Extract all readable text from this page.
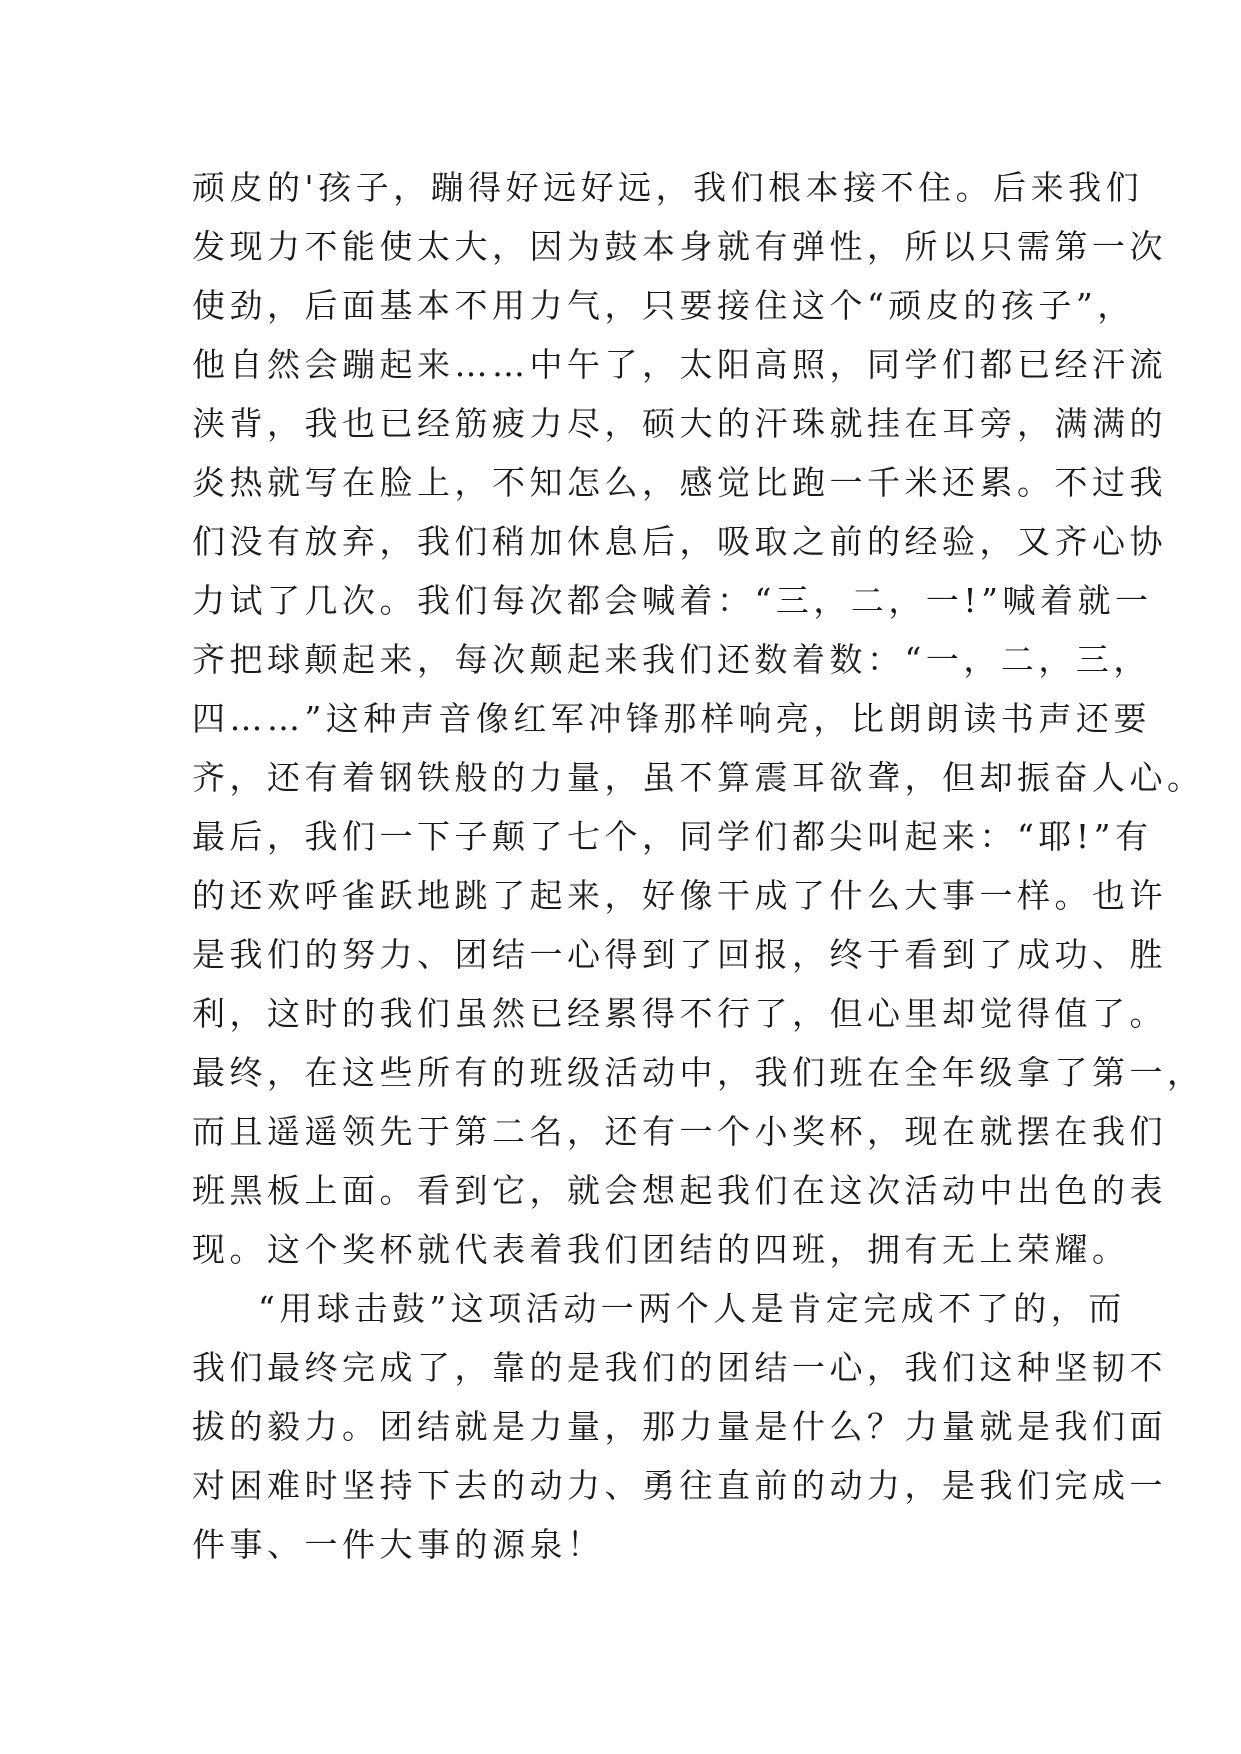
顽皮的'孩子，蹦得好远好远，我们根本接不住。后来我们
发现力不能使太大，因为鼓本身就有弹性，所以只需第一次
使劲，后面基本不用力气，只要接住这个“顽皮的孩子”，
他自然会蹦起来……中午了，太阳高照，同学们都已经汗流
浃背，我也已经筋疲力尽，硕大的汗珠就挂在耳旁，满满的
炎热就写在脸上，不知怎么，感觉比跑一千米还累。不过我
们没有放弃，我们稍加休息后，吸取之前的经验，又齐心协
力试了几次。我们每次都会喊着：“三，二，一!”喊着就一
齐把球颠起来，每次颠起来我们还数着数：“一，二，三，
四……”这种声音像红军冲锋那样响亮，比朗朗读书声还要
齐，还有着钢铁般的力量，虽不算震耳欲聋，但却振奋人心。
最后，我们一下子颠了七个，同学们都尖叫起来：“耶!”有
的还欢呼雀跃地跳了起来，好像干成了什么大事一样。也许
是我们的努力、团结一心得到了回报，终于看到了成功、胜
利，这时的我们虽然已经累得不行了，但心里却觉得值了。
最终，在这些所有的班级活动中，我们班在全年级拿了第一，
而且遥遥领先于第二名，还有一个小奖杯，现在就摆在我们
班黑板上面。看到它，就会想起我们在这次活动中出色的表
现。这个奖杯就代表着我们团结的四班，拥有无上荣耀。
“用球击鼓”这项活动一两个人是肯定完成不了的，而
我们最终完成了，靠的是我们的团结一心，我们这种坚韧不
拔的毅力。团结就是力量，那力量是什么？力量就是我们面
对困难时坚持下去的动力、勇往直前的动力，是我们完成一
件事、一件大事的源泉！
